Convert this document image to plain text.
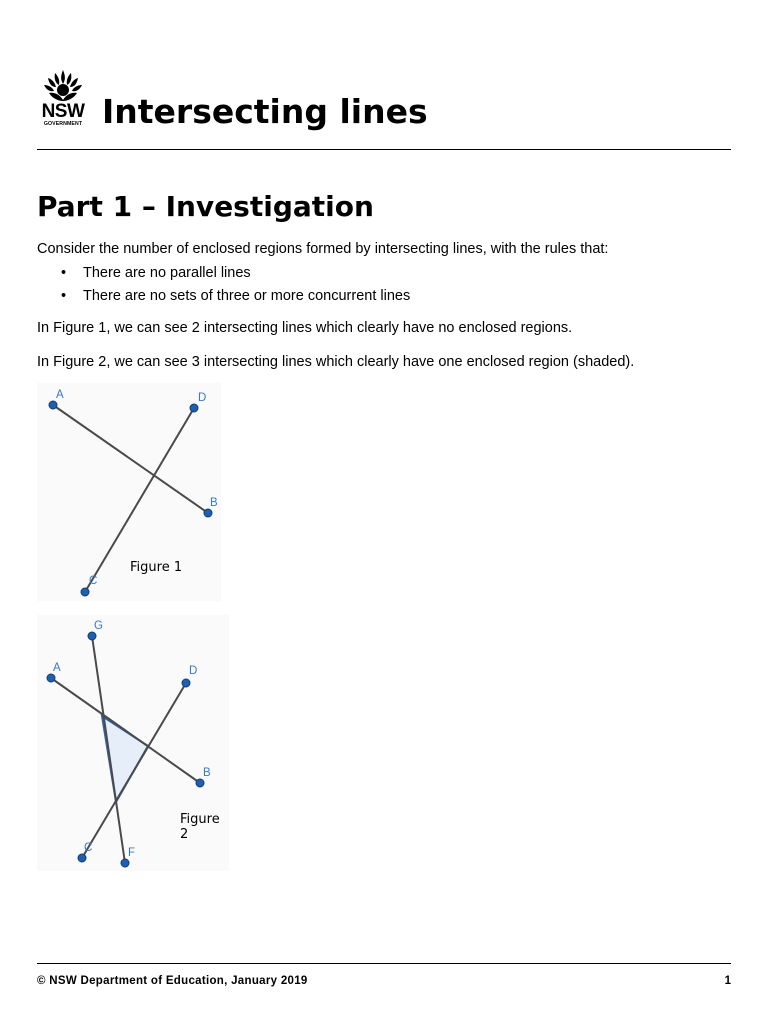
NSW
GOVERNMENT Intersecting lines
Part 1 – Investigation

Consider the number of enclosed regions formed by intersecting lines, with the rules that:

• There are no parallel lines
• There are no sets of three or more concurrent lines

In Figure 1, we can see 2 intersecting lines which clearly have no enclosed regions.

In Figure 2, we can see 3 intersecting lines which clearly have one enclosed region (shaded).

A
B
D
C
Figure 1
A
B
D
C
G
F
Figure 2
© NSW Department of Education, January 2019	1
